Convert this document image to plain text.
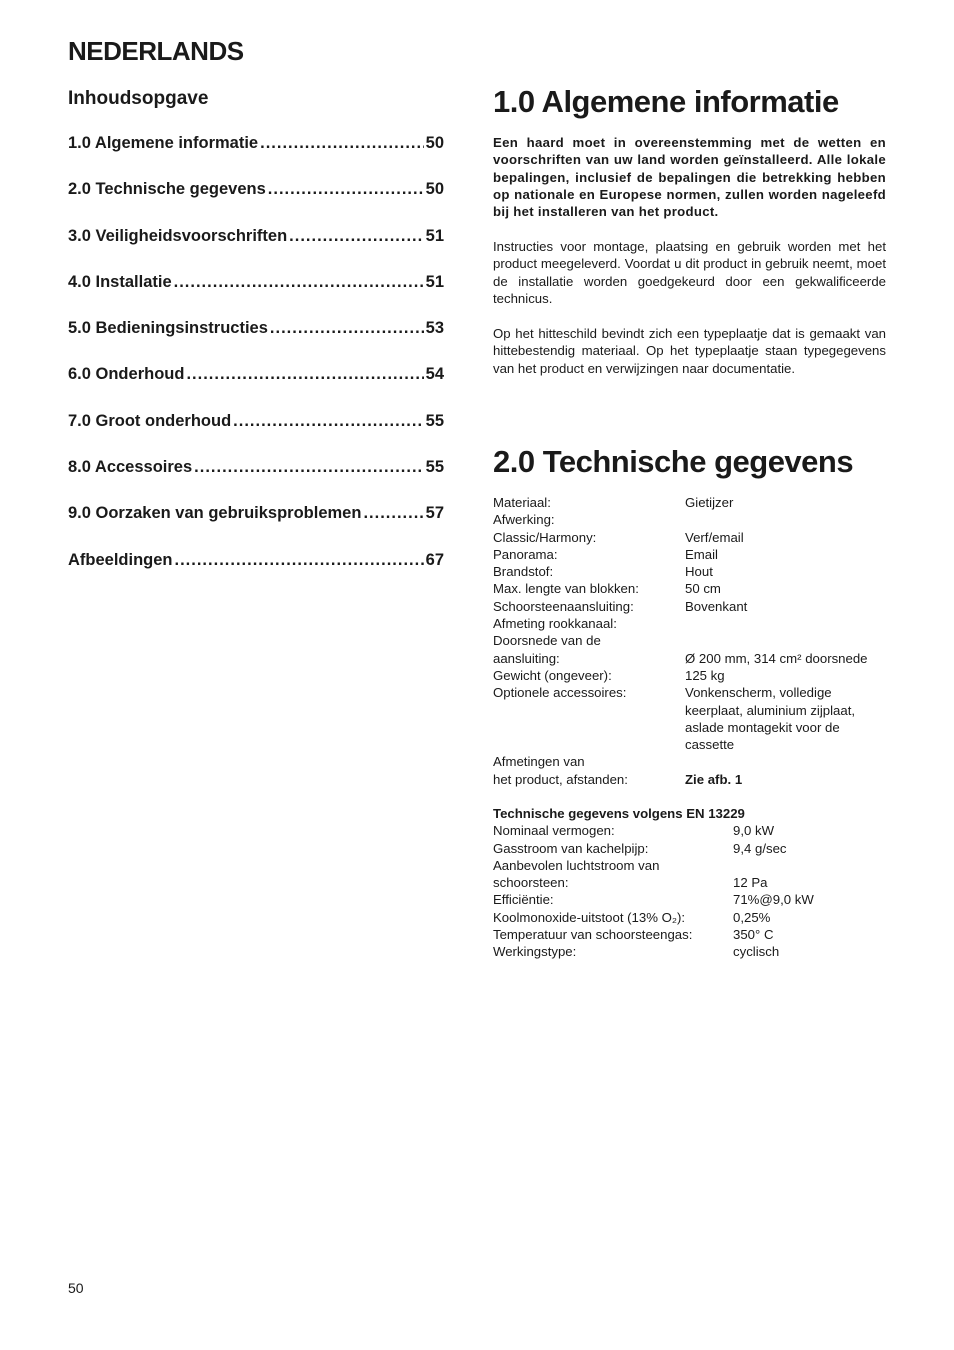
NEDERLANDS
Inhoudsopgave
1.0 Algemene informatie .....	50
2.0 Technische gegevens .....	50
3.0 Veiligheidsvoorschriften .....	51
4.0 Installatie .....	51
5.0 Bedieningsinstructies .....	53
6.0 Onderhoud .....	54
7.0 Groot onderhoud .....	55
8.0 Accessoires .....	55
9.0 Oorzaken van gebruiksproblemen .....	57
Afbeeldingen .....	67
1.0 Algemene informatie

Een haard moet in overeenstemming met de wetten en voorschriften van uw land worden geïnstalleerd. Alle lokale bepalingen, inclusief de bepalingen die betrekking hebben op nationale en Europese normen, zullen worden nageleefd bij het installeren van het product.

Instructies voor montage, plaatsing en gebruik worden met het product meegeleverd. Voordat u dit product in gebruik neemt, moet de installatie worden goedgekeurd door een gekwalificeerde technicus.

Op het hitteschild bevindt zich een typeplaatje dat is gemaakt van hittebestendig materiaal. Op het typeplaatje staan typegegevens van het product en verwijzingen naar documentatie.

2.0 Technische gegevens
Materiaal:	Gietijzer
Afwerking:
Classic/Harmony:	Verf/email
Panorama:	Email
Brandstof:	Hout
Max. lengte van blokken:	50 cm
Schoorsteenaansluiting:	Bovenkant
Afmeting rookkanaal:
Doorsnede van de
aansluiting:	Ø 200 mm, 314 cm² doorsnede
Gewicht (ongeveer):	125 kg
Optionele accessoires:	Vonkenscherm, volledige keerplaat, aluminium zijplaat, aslade montagekit voor de cassette
Afmetingen van
het product, afstanden:	Zie afb. 1
Technische gegevens volgens EN 13229
Nominaal vermogen:	9,0 kW
Gasstroom van kachelpijp:	9,4 g/sec
Aanbevolen luchtstroom van
schoorsteen:	12 Pa
Efficiëntie:	71%@9,0 kW
Koolmonoxide-uitstoot (13% O₂):	0,25%
Temperatuur van schoorsteengas:	350° C
Werkingstype:	cyclisch
50
